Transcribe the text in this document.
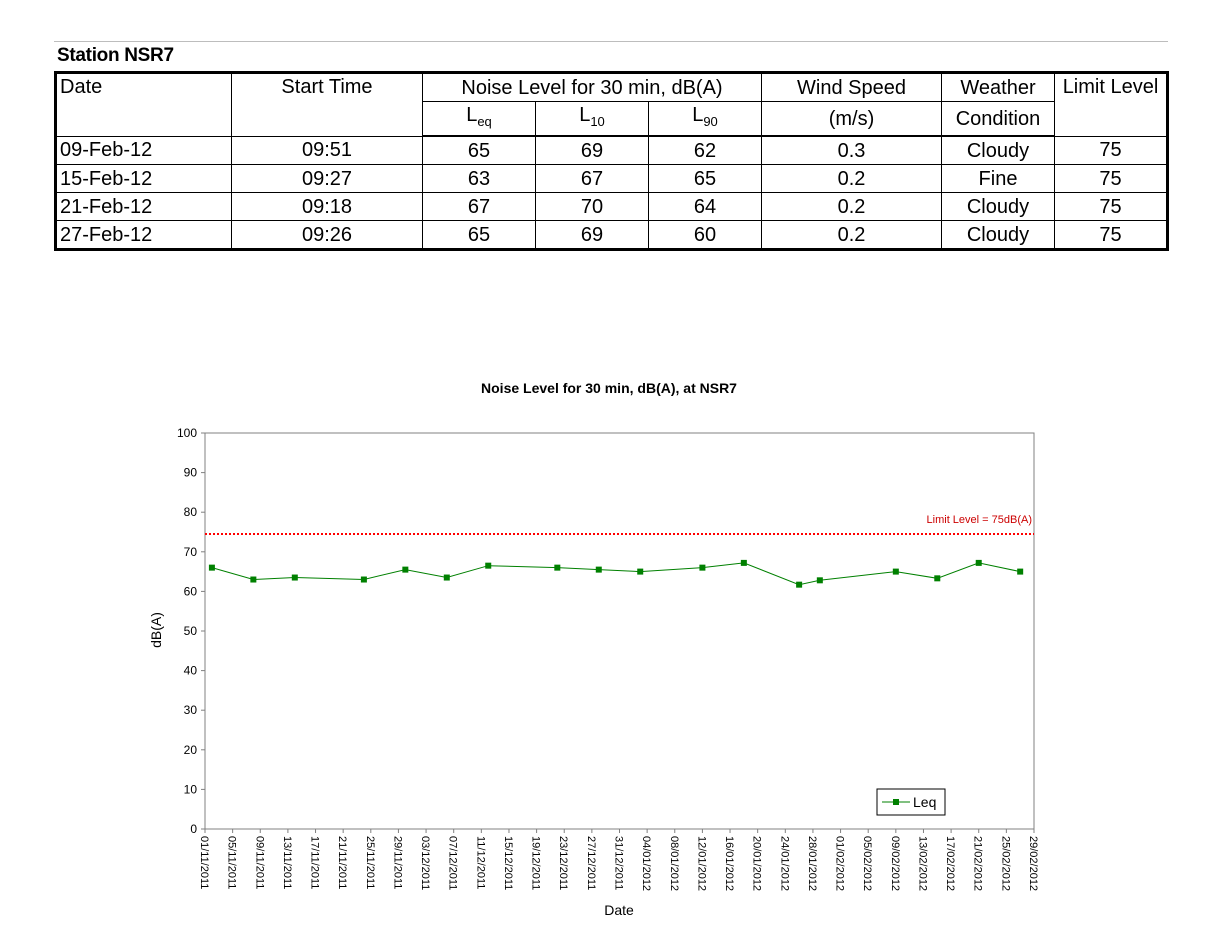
Station NSR7
Date	Start Time	Noise Level for 30 min, dB(A)			Wind Speed	Weather	Limit Level
		$L_{eq}$	$L_{10}$	$L_{90}$	(m/s)	Condition	
09-Feb-12	09:51	65	69	62	0.3	Cloudy	75
15-Feb-12	09:27	63	67	65	0.2	Fine	75
21-Feb-12	09:18	67	70	64	0.2	Cloudy	75
27-Feb-12	09:26	65	69	60	0.2	Cloudy	75
Noise Level for 30 min, dB(A), at NSR7
dB(A)
Date
0
10
20
30
40
50
60
70
80
90
100
01/11/2011 05/11/2011 09/11/2011 13/11/2011 17/11/2011 21/11/2011 25/11/2011 29/11/2011 03/12/2011 07/12/2011 11/12/2011 15/12/2011 19/12/2011 23/12/2011 27/12/2011 31/12/2011 04/01/2012 08/01/2012 12/01/2012 16/01/2012 20/01/2012 24/01/2012 28/01/2012 01/02/2012 05/02/2012 09/02/2012 13/02/2012 17/02/2012 21/02/2012 25/02/2012 29/02/2012
Limit Level = 75dB(A)
Leq
